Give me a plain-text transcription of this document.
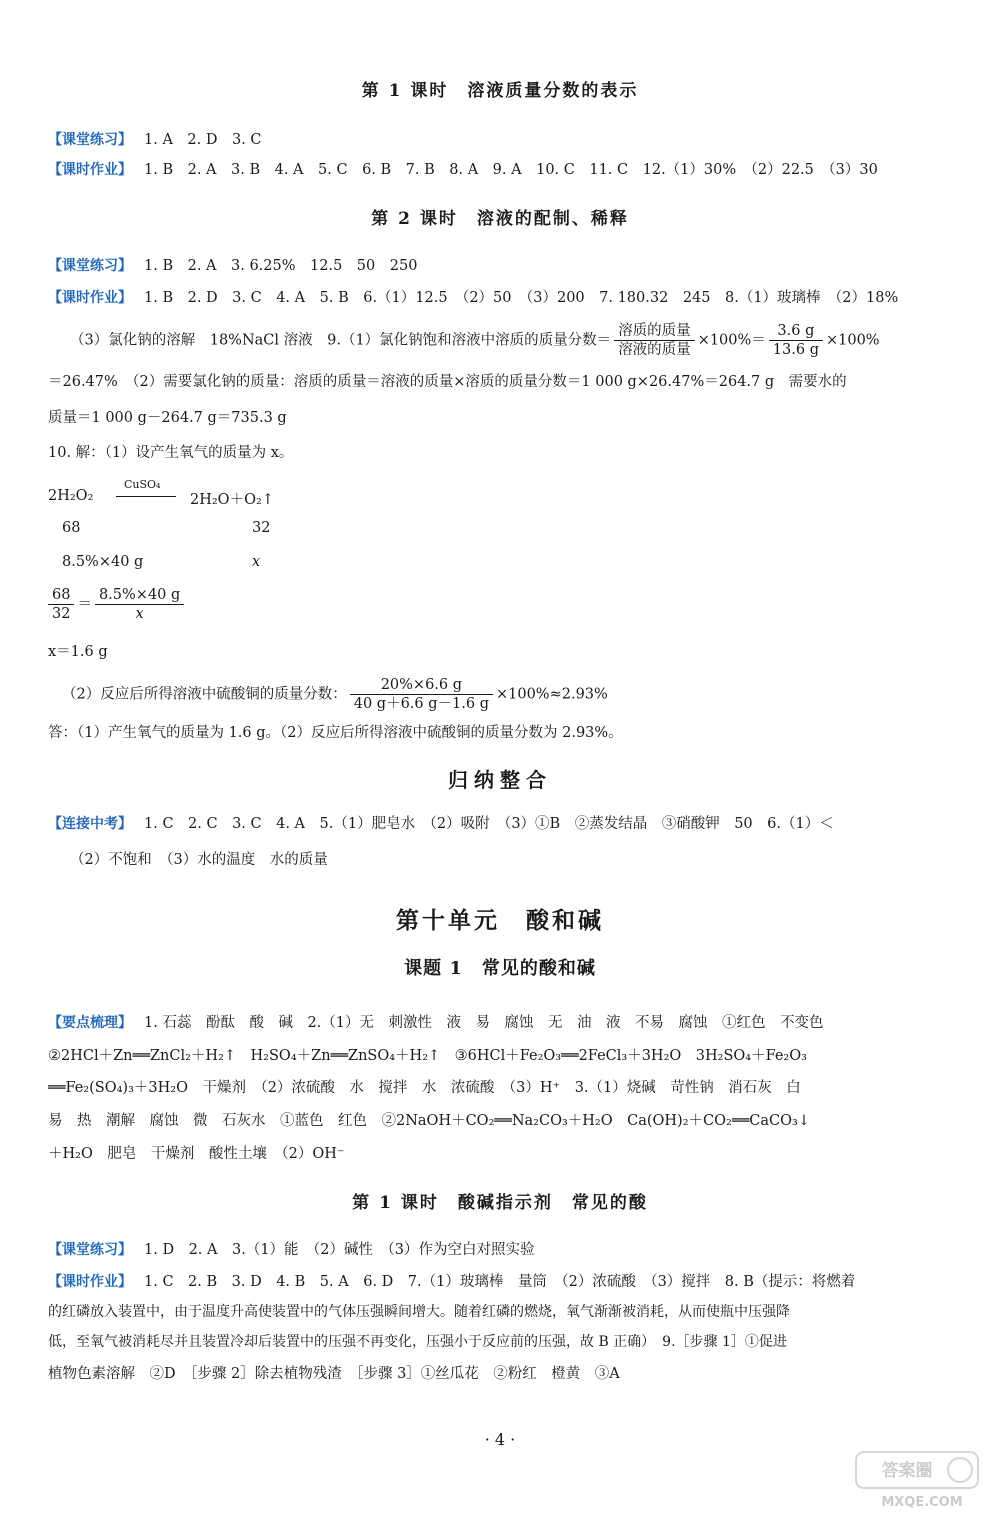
第 1 课时　溶液质量分数的表示
【课堂练习】 1. A　2. D　3. C
【课时作业】 1. B　2. A　3. B　4. A　5. C　6. B　7. B　8. A　9. A　10. C　11. C　12.（1）30%　（2）22.5　（3）30
第 2 课时　溶液的配制、稀释
【课堂练习】 1. B　2. A　3. 6.25%　12.5　50　250
【课时作业】 1. B　2. D　3. C　4. A　5. B　6.（1）12.5　（2）50　（3）200　7. 180.32　245　8.（1）玻璃棒　（2）18%
（3）氯化钠的溶解　18%NaCl 溶液　9.（1）氯化钠饱和溶液中溶质的质量分数＝ $\frac{\text{溶质的质量}}{\text{溶液的质量}} \times 100\%= \frac{3.6 g}{13.6 g} \times 100\%$
＝26.47%　（2）需要氯化钠的质量：溶质的质量＝溶液的质量×溶质的质量分数＝1 000 g×26.47%＝264.7 g　需要水的
质量＝1 000 g－264.7 g＝735.3 g
10. 解：（1）设产生氧气的质量为 x。
2H₂O₂
CuSO₄
2H₂O＋O₂↑
68	32
8.5%×40 g	x
$\frac{68}{32} = \frac{8.5\%\times 40 g}{x}$
x＝1.6 g
（2）反应后所得溶液中硫酸铜的质量分数： $\frac{20\%\times 6.6 g}{40 g+6.6 g-1.6 g} \times 100\%\approx 2.93\%$
答：（1）产生氧气的质量为 1.6 g。（2）反应后所得溶液中硫酸铜的质量分数为 2.93%。
归纳整合
【连接中考】 1. C　2. C　3. C　4. A　5.（1）肥皂水　（2）吸附　（3）①B　②蒸发结晶　③硝酸钾　50　6.（1）＜
（2）不饱和　（3）水的温度　水的质量
第十单元　酸和碱
课题 1　常见的酸和碱
【要点梳理】 1. 石蕊　酚酞　酸　碱　2.（1）无　刺激性　液　易　腐蚀　无　油　液　不易　腐蚀　①红色　不变色
②2HCl＋Zn══ZnCl₂＋H₂↑　H₂SO₄＋Zn══ZnSO₄＋H₂↑　③6HCl＋Fe₂O₃══2FeCl₃＋3H₂O　3H₂SO₄＋Fe₂O₃
══Fe₂(SO₄)₃＋3H₂O　干燥剂　（2）浓硫酸　水　搅拌　水　浓硫酸　（3）H⁺　3.（1）烧碱　苛性钠　消石灰　白
易　热　潮解　腐蚀　微　石灰水　①蓝色　红色　②2NaOH＋CO₂══Na₂CO₃＋H₂O　Ca(OH)₂＋CO₂══CaCO₃↓
＋H₂O　肥皂　干燥剂　酸性土壤　（2）OH⁻
第 1 课时　酸碱指示剂　常见的酸
【课堂练习】 1. D　2. A　3.（1）能　（2）碱性　（3）作为空白对照实验
【课时作业】 1. C　2. B　3. D　4. B　5. A　6. D　7.（1）玻璃棒　量筒　（2）浓硫酸　（3）搅拌　8. B（提示：将燃着
的红磷放入装置中，由于温度升高使装置中的气体压强瞬间增大。随着红磷的燃烧，氧气渐渐被消耗，从而使瓶中压强降
低，至氧气被消耗尽并且装置冷却后装置中的压强不再变化，压强小于反应前的压强，故 B 正确）　9.［步骤 1］①促进
植物色素溶解　②D　［步骤 2］除去植物残渣　［步骤 3］①丝瓜花　②粉红　橙黄　③A
· 4 ·
答案圈
MXQE.COM
